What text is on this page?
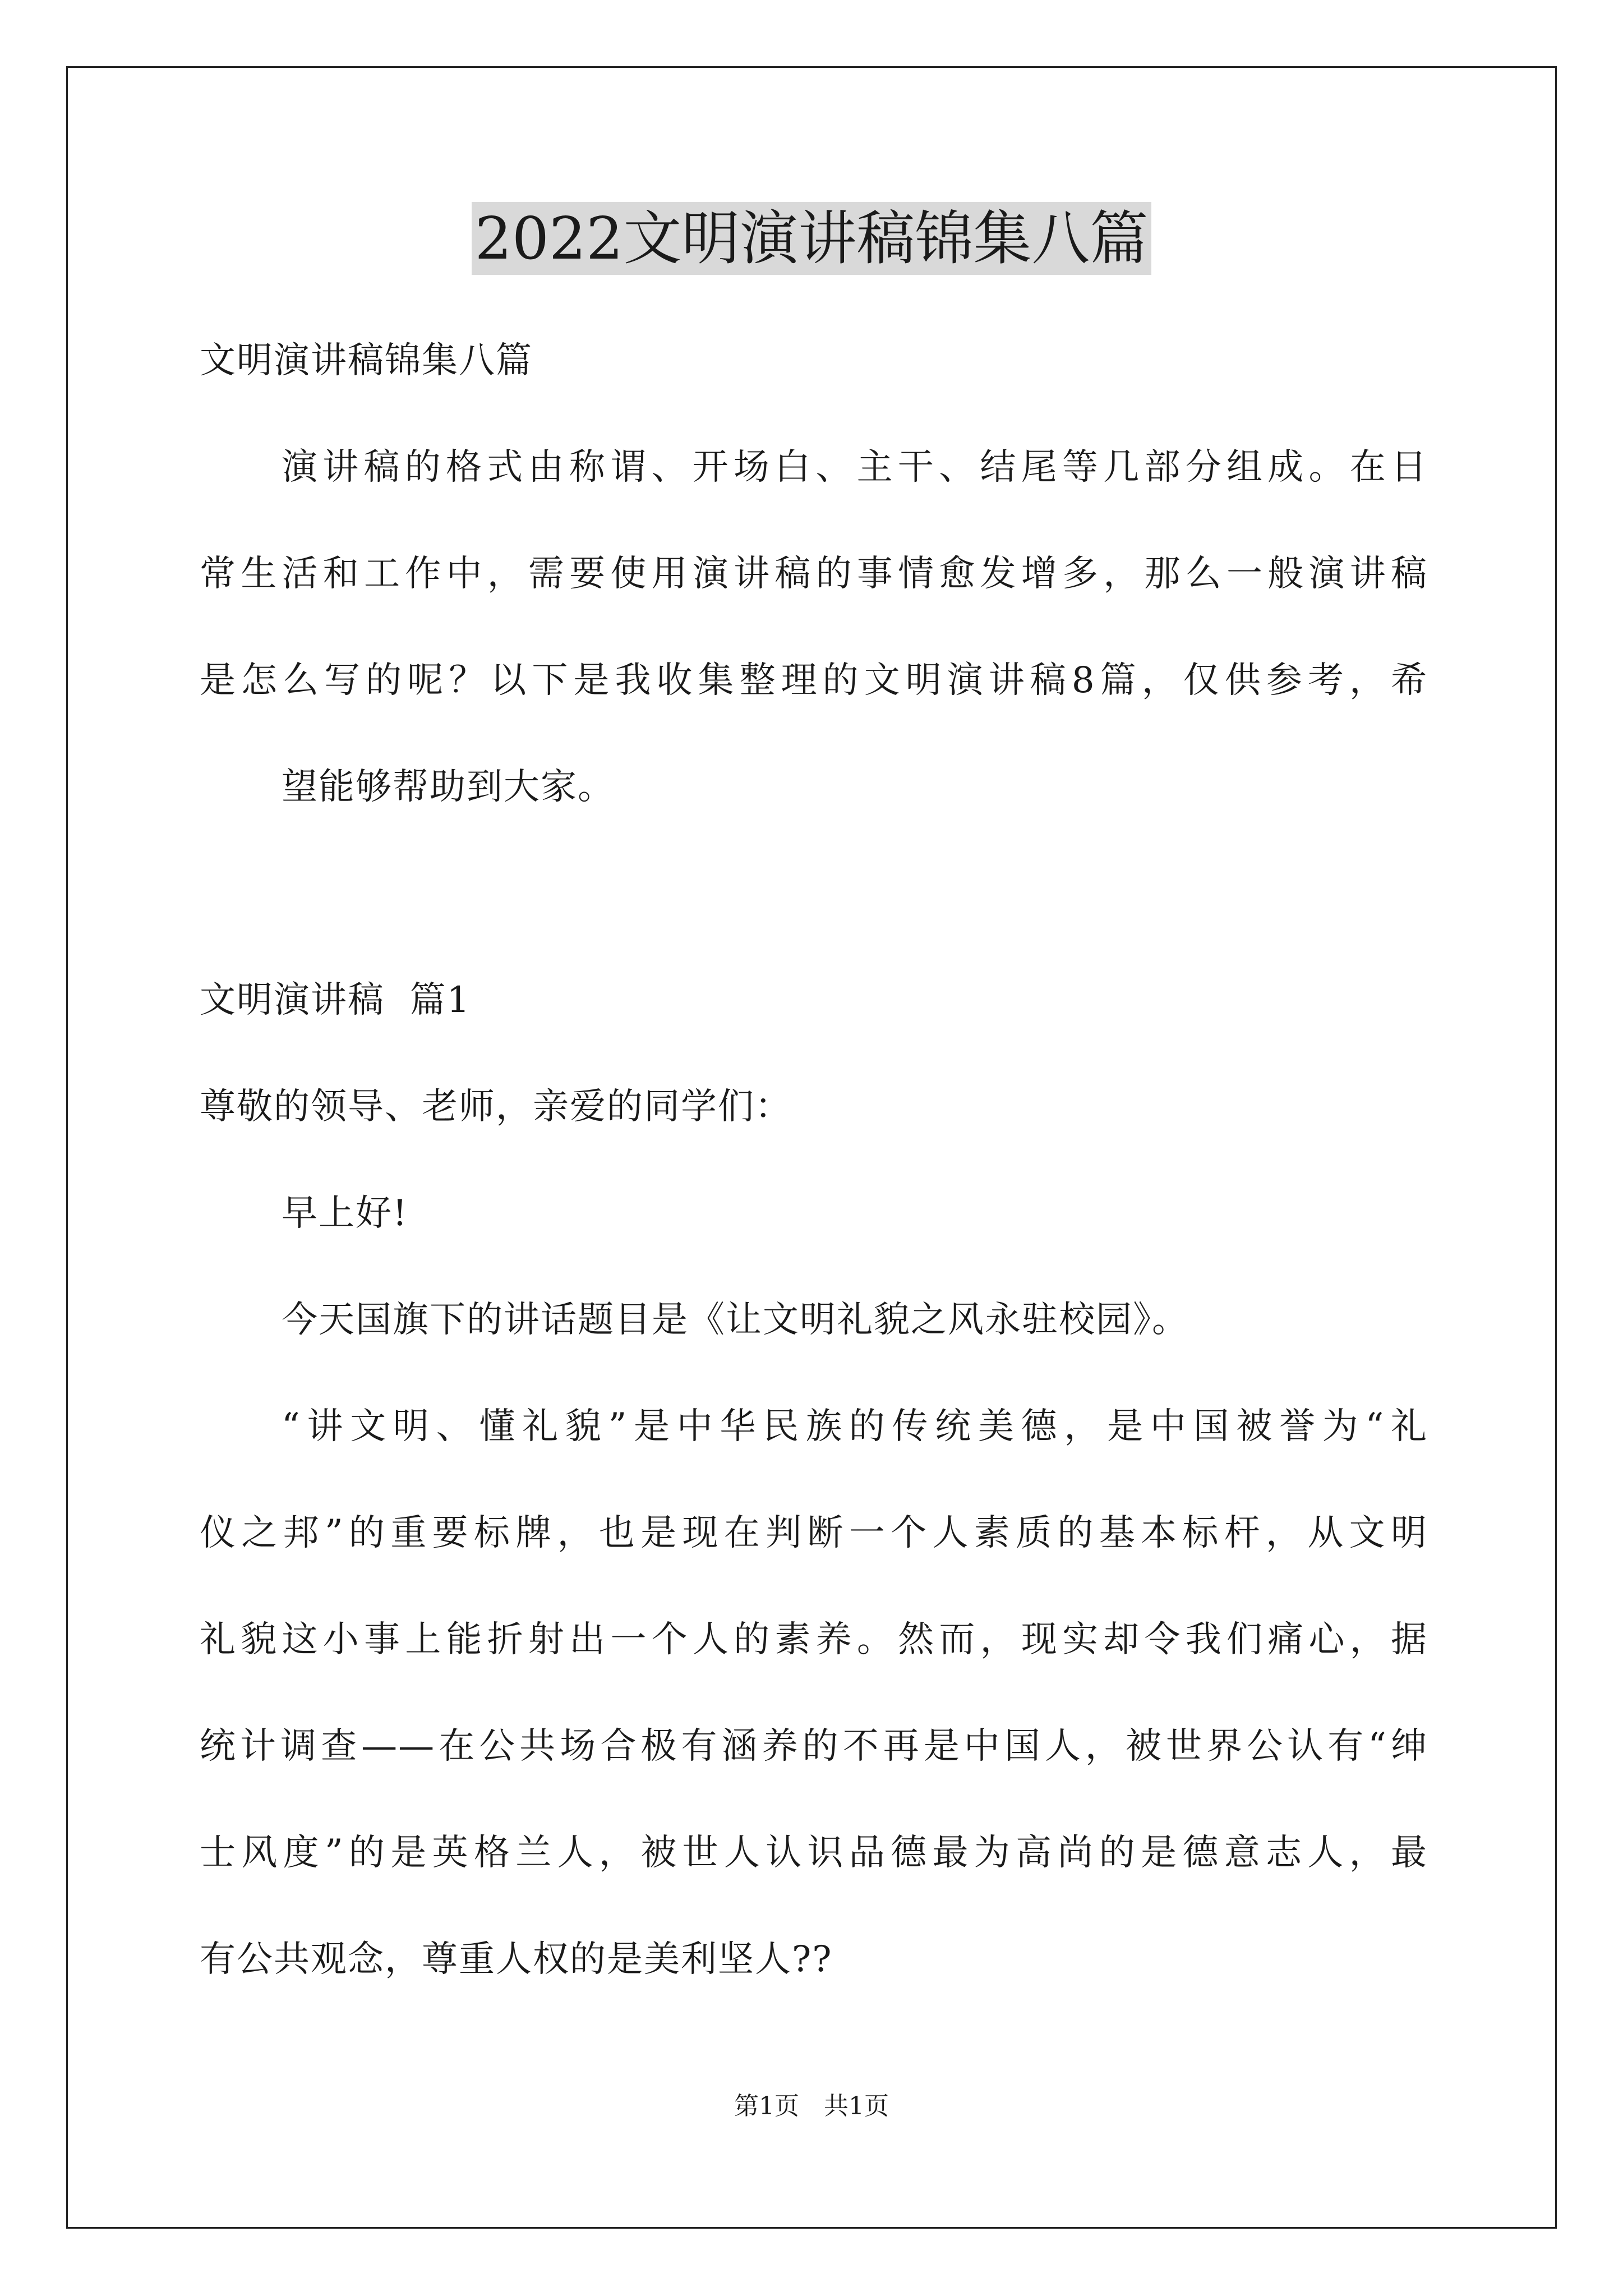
2022文明演讲稿锦集八篇
文明演讲稿锦集八篇
演讲稿的格式由称谓、开场白、主干、结尾等几部分组成。在日
常生活和工作中，需要使用演讲稿的事情愈发增多，那么一般演讲稿
是怎么写的呢？以下是我收集整理的文明演讲稿8篇，仅供参考，希
望能够帮助到大家。
文明演讲稿  篇1
尊敬的领导、老师，亲爱的同学们：
早上好!
今天国旗下的讲话题目是《让文明礼貌之风永驻校园》。
“讲文明、懂礼貌”是中华民族的传统美德，是中国被誉为“礼
仪之邦”的重要标牌，也是现在判断一个人素质的基本标杆，从文明
礼貌这小事上能折射出一个人的素养。然而，现实却令我们痛心，据
统计调查——在公共场合极有涵养的不再是中国人，被世界公认有“绅
士风度”的是英格兰人，被世人认识品德最为高尚的是德意志人，最
有公共观念，尊重人权的是美利坚人??
第1页 共1页
